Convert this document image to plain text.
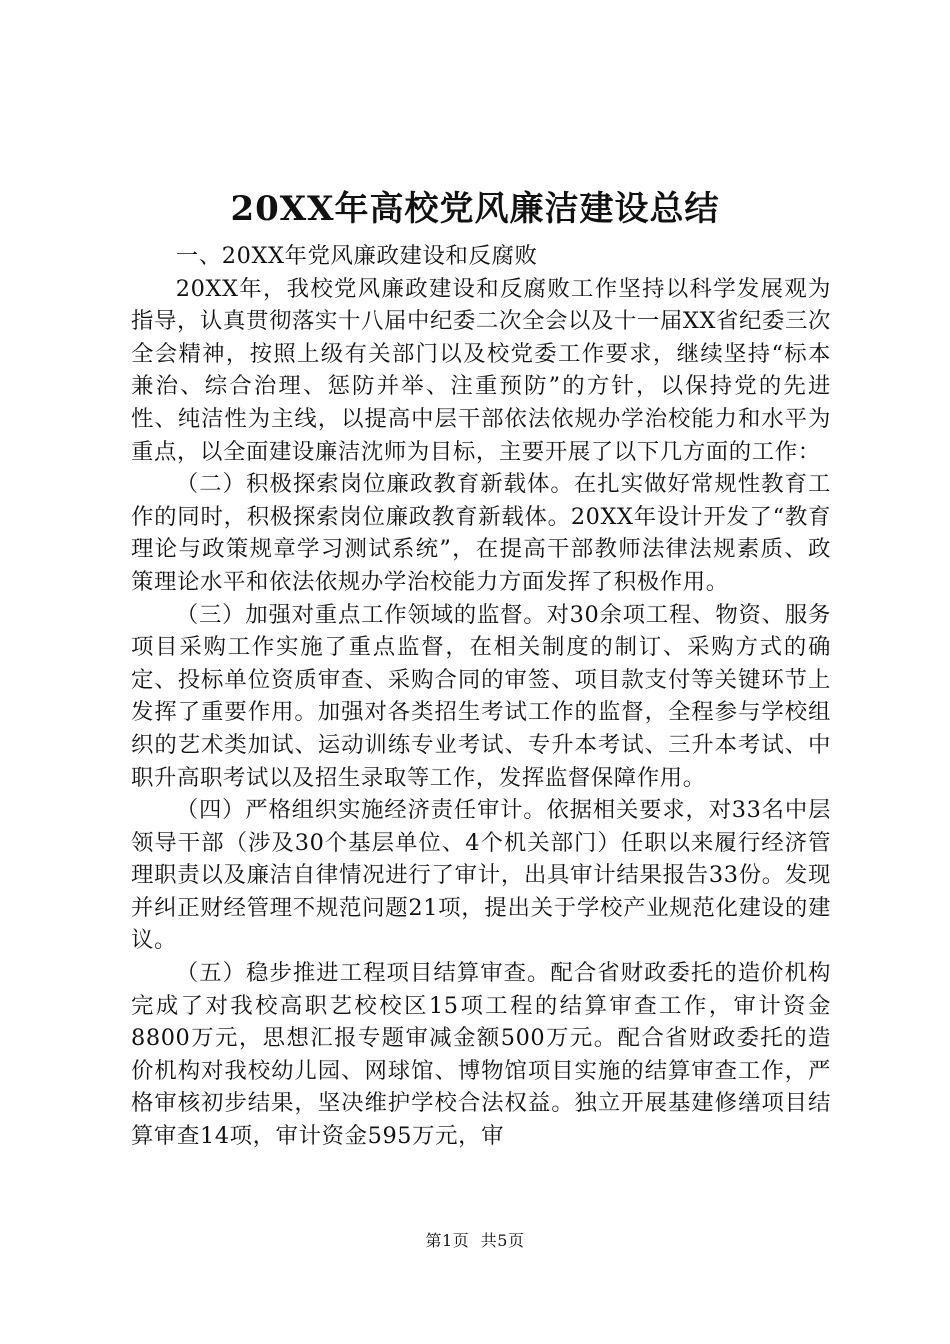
20XX年高校党风廉洁建设总结

一、20XX年党风廉政建设和反腐败

20XX年，我校党风廉政建设和反腐败工作坚持以科学发展观为指导，认真贯彻落实十八届中纪委二次全会以及十一届XX省纪委三次全会精神，按照上级有关部门以及校党委工作要求，继续坚持“标本兼治、综合治理、惩防并举、注重预防”的方针，以保持党的先进性、纯洁性为主线，以提高中层干部依法依规办学治校能力和水平为重点，以全面建设廉洁沈师为目标，主要开展了以下几方面的工作：

（二）积极探索岗位廉政教育新载体。在扎实做好常规性教育工作的同时，积极探索岗位廉政教育新载体。20XX年设计开发了“教育理论与政策规章学习测试系统”，在提高干部教师法律法规素质、政策理论水平和依法依规办学治校能力方面发挥了积极作用。

（三）加强对重点工作领域的监督。对30余项工程、物资、服务项目采购工作实施了重点监督，在相关制度的制订、采购方式的确定、投标单位资质审查、采购合同的审签、项目款支付等关键环节上发挥了重要作用。加强对各类招生考试工作的监督，全程参与学校组织的艺术类加试、运动训练专业考试、专升本考试、三升本考试、中职升高职考试以及招生录取等工作，发挥监督保障作用。

（四）严格组织实施经济责任审计。依据相关要求，对33名中层领导干部（涉及30个基层单位、4个机关部门）任职以来履行经济管理职责以及廉洁自律情况进行了审计，出具审计结果报告33份。发现并纠正财经管理不规范问题21项，提出关于学校产业规范化建设的建议。

（五）稳步推进工程项目结算审查。配合省财政委托的造价机构完成了对我校高职艺校校区15项工程的结算审查工作，审计资金8800万元，思想汇报专题审减金额500万元。配合省财政委托的造价机构对我校幼儿园、网球馆、博物馆项目实施的结算审查工作，严格审核初步结果，坚决维护学校合法权益。独立开展基建修缮项目结算审查14项，审计资金595万元，审

第1页 共5页
